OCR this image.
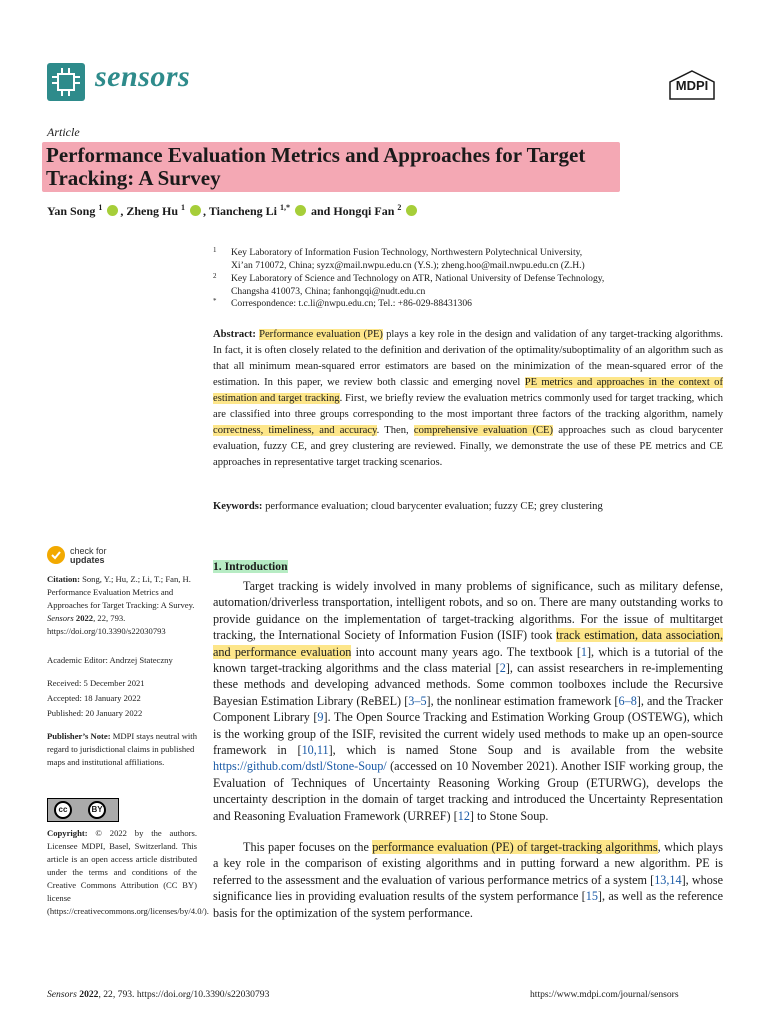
sensors	MDPI
Article
Performance Evaluation Metrics and Approaches for Target Tracking: A Survey
Yan Song $^1$ , Zheng Hu $^1$ , Tiancheng Li $^{1,*}$  and Hongqi Fan $^2$
1 Key Laboratory of Information Fusion Technology, Northwestern Polytechnical University,
Xi’an 710072, China; syzx@mail.nwpu.edu.cn (Y.S.); zheng.hoo@mail.nwpu.edu.cn (Z.H.)
2 Key Laboratory of Science and Technology on ATR, National University of Defense Technology,
Changsha 410073, China; fanhongqi@nudt.edu.cn
* Correspondence: t.c.li@nwpu.edu.cn; Tel.: +86-029-88431306
Abstract: Performance evaluation (PE) plays a key role in the design and validation of any target-tracking algorithms. In fact, it is often closely related to the definition and derivation of the optimality/suboptimality of an algorithm such as that all minimum mean-squared error estimators are based on the minimization of the mean-squared error of the estimation. In this paper, we review both classic and emerging novel PE metrics and approaches in the context of estimation and target tracking. First, we briefly review the evaluation metrics commonly used for target tracking, which are classified into three groups corresponding to the most important three factors of the tracking algorithm, namely correctness, timeliness, and accuracy. Then, comprehensive evaluation (CE) approaches such as cloud barycenter evaluation, fuzzy CE, and grey clustering are reviewed. Finally, we demonstrate the use of these PE metrics and CE approaches in representative target tracking scenarios.
Keywords: performance evaluation; cloud barycenter evaluation; fuzzy CE; grey clustering
check for
updates
Citation: Song, Y.; Hu, Z.; Li, T.; Fan, H. Performance Evaluation Metrics and Approaches for Target Tracking: A Survey. Sensors 2022, 22, 793. https://doi.org/10.3390/s22030793
Academic Editor: Andrzej Stateczny
Received: 5 December 2021
Accepted: 18 January 2022
Published: 20 January 2022
Publisher’s Note: MDPI stays neutral with regard to jurisdictional claims in published maps and institutional affiliations.
cc	BY
Copyright: © 2022 by the authors. Licensee MDPI, Basel, Switzerland. This article is an open access article distributed under the terms and conditions of the Creative Commons Attribution (CC BY) license (https://creativecommons.org/licenses/by/4.0/).
1. Introduction
Target tracking is widely involved in many problems of significance, such as military defense, automation/driverless transportation, intelligent robots, and so on. There are many outstanding works to provide guidance on the implementation of target-tracking algorithms. For the issue of multitarget tracking, the International Society of Information Fusion (ISIF) took track estimation, data association, and performance evaluation into account many years ago. The textbook [1], which is a tutorial of the known target-tracking algorithms and the class material [2], can assist researchers in re-implementing these methods and developing advanced methods. Some common toolboxes include the Recursive Bayesian Estimation Library (ReBEL) [3–5], the nonlinear estimation framework [6–8], and the Tracker Component Library [9]. The Open Source Tracking and Estimation Working Group (OSTEWG), which is the working group of the ISIF, revisited the current widely used methods to make up an open-source framework in [10,11], which is named Stone Soup and is available from the website https://github.com/dstl/Stone-Soup/ (accessed on 10 November 2021). Another ISIF working group, the Evaluation of Techniques of Uncertainty Reasoning Working Group (ETURWG), develops the uncertainty description in the domain of target tracking and introduced the Uncertainty Representation and Reasoning Evaluation Framework (URREF) [12] to Stone Soup.
This paper focuses on the performance evaluation (PE) of target-tracking algorithms, which plays a key role in the comparison of existing algorithms and in putting forward a new algorithm. PE is referred to the assessment and the evaluation of various performance metrics of a system [13,14], whose significance lies in providing evaluation results of the system performance [15], as well as the reference basis for the optimization of the system performance.
Sensors 2022, 22, 793. https://doi.org/10.3390/s22030793	https://www.mdpi.com/journal/sensors
